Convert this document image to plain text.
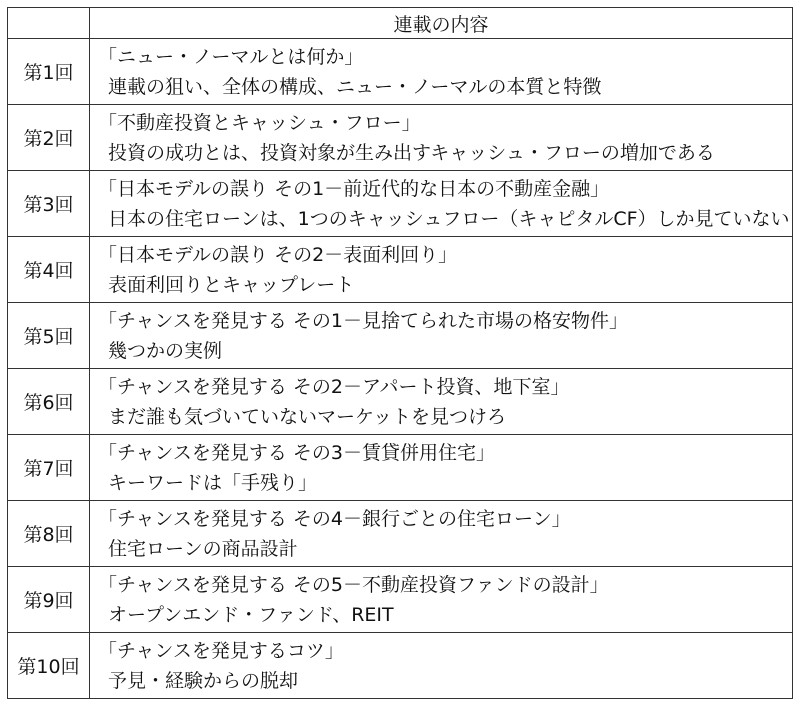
	連載の内容
第1回	「ニュー・ノーマルとは何か」
連載の狙い、全体の構成、ニュー・ノーマルの本質と特徴

第2回	「不動産投資とキャッシュ・フロー」
投資の成功とは、投資対象が生み出すキャッシュ・フローの増加である

第3回	「日本モデルの誤り その1－前近代的な日本の不動産金融」
日本の住宅ローンは、1つのキャッシュフロー（キャピタルCF）しか見ていない

第4回	「日本モデルの誤り その2－表面利回り」
表面利回りとキャップレート

第5回	「チャンスを発見する その1－見捨てられた市場の格安物件」
幾つかの実例

第6回	「チャンスを発見する その2－アパート投資、地下室」
まだ誰も気づいていないマーケットを見つけろ

第7回	「チャンスを発見する その3－賃貸併用住宅」
キーワードは「手残り」

第8回	「チャンスを発見する その4－銀行ごとの住宅ローン」
住宅ローンの商品設計

第9回	「チャンスを発見する その5－不動産投資ファンドの設計」
オープンエンド・ファンド、REIT

第10回	「チャンスを発見するコツ」
予見・経験からの脱却
